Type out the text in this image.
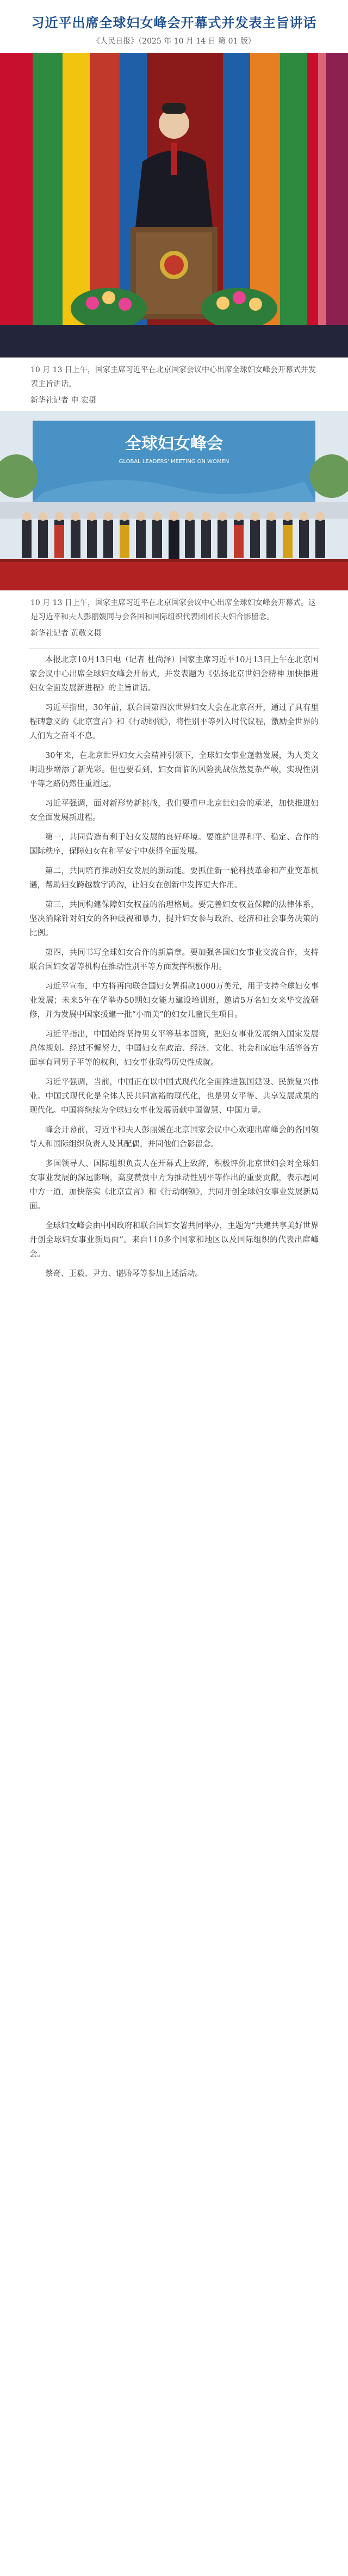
习近平出席全球妇女峰会开幕式并发表主旨讲话
《人民日报》（2025 年 10 月 14 日 第 01 版）
10 月 13 日上午，国家主席习近平在北京国家会议中心出席全球妇女峰会开幕式并发表主旨讲话。
新华社记者 申 宏摄
全球妇女峰会
GLOBAL LEADERS' MEETING ON WOMEN
10 月 13 日上午，国家主席习近平在北京国家会议中心出席全球妇女峰会开幕式。这是习近平和夫人彭丽媛同与会各国和国际组织代表团团长夫妇合影留念。
新华社记者 黄敬文摄

本报北京10月13日电（记者 杜尚泽）国家主席习近平10月13日上午在北京国家会议中心出席全球妇女峰会开幕式，并发表题为《弘扬北京世妇会精神 加快推进妇女全面发展新进程》的主旨讲话。

习近平指出，30年前，联合国第四次世界妇女大会在北京召开，通过了具有里程碑意义的《北京宣言》和《行动纲领》，将性别平等列入时代议程，激励全世界的人们为之奋斗不息。

30年来，在北京世界妇女大会精神引领下，全球妇女事业蓬勃发展，为人类文明进步增添了新光彩。但也要看到，妇女面临的风险挑战依然复杂严峻，实现性别平等之路仍然任重道远。

习近平强调，面对新形势新挑战，我们要重申北京世妇会的承诺，加快推进妇女全面发展新进程。

第一，共同营造有利于妇女发展的良好环境。要维护世界和平、稳定、合作的国际秩序，保障妇女在和平安宁中获得全面发展。

第二，共同培育推动妇女发展的新动能。要抓住新一轮科技革命和产业变革机遇，帮助妇女跨越数字鸿沟，让妇女在创新中发挥更大作用。

第三，共同构建保障妇女权益的治理格局。要完善妇女权益保障的法律体系，坚决消除针对妇女的各种歧视和暴力，提升妇女参与政治、经济和社会事务决策的比例。

第四，共同书写全球妇女合作的新篇章。要加强各国妇女事业交流合作，支持联合国妇女署等机构在推动性别平等方面发挥积极作用。

习近平宣布，中方将再向联合国妇女署捐款1000万美元，用于支持全球妇女事业发展；未来5年在华举办50期妇女能力建设培训班，邀请5万名妇女来华交流研修，并为发展中国家援建一批“小而美”的妇女儿童民生项目。

习近平指出，中国始终坚持男女平等基本国策，把妇女事业发展纳入国家发展总体规划。经过不懈努力，中国妇女在政治、经济、文化、社会和家庭生活等各方面享有同男子平等的权利，妇女事业取得历史性成就。

习近平强调，当前，中国正在以中国式现代化全面推进强国建设、民族复兴伟业。中国式现代化是全体人民共同富裕的现代化，也是男女平等、共享发展成果的现代化。中国将继续为全球妇女事业发展贡献中国智慧、中国力量。

峰会开幕前，习近平和夫人彭丽媛在北京国家会议中心欢迎出席峰会的各国领导人和国际组织负责人及其配偶，并同他们合影留念。

多国领导人、国际组织负责人在开幕式上致辞，积极评价北京世妇会对全球妇女事业发展的深远影响，高度赞赏中方为推动性别平等作出的重要贡献，表示愿同中方一道，加快落实《北京宣言》和《行动纲领》，共同开创全球妇女事业发展新局面。

全球妇女峰会由中国政府和联合国妇女署共同举办，主题为“共建共享美好世界 开创全球妇女事业新局面”。来自110多个国家和地区以及国际组织的代表出席峰会。

蔡奇、王毅、尹力、谌贻琴等参加上述活动。
